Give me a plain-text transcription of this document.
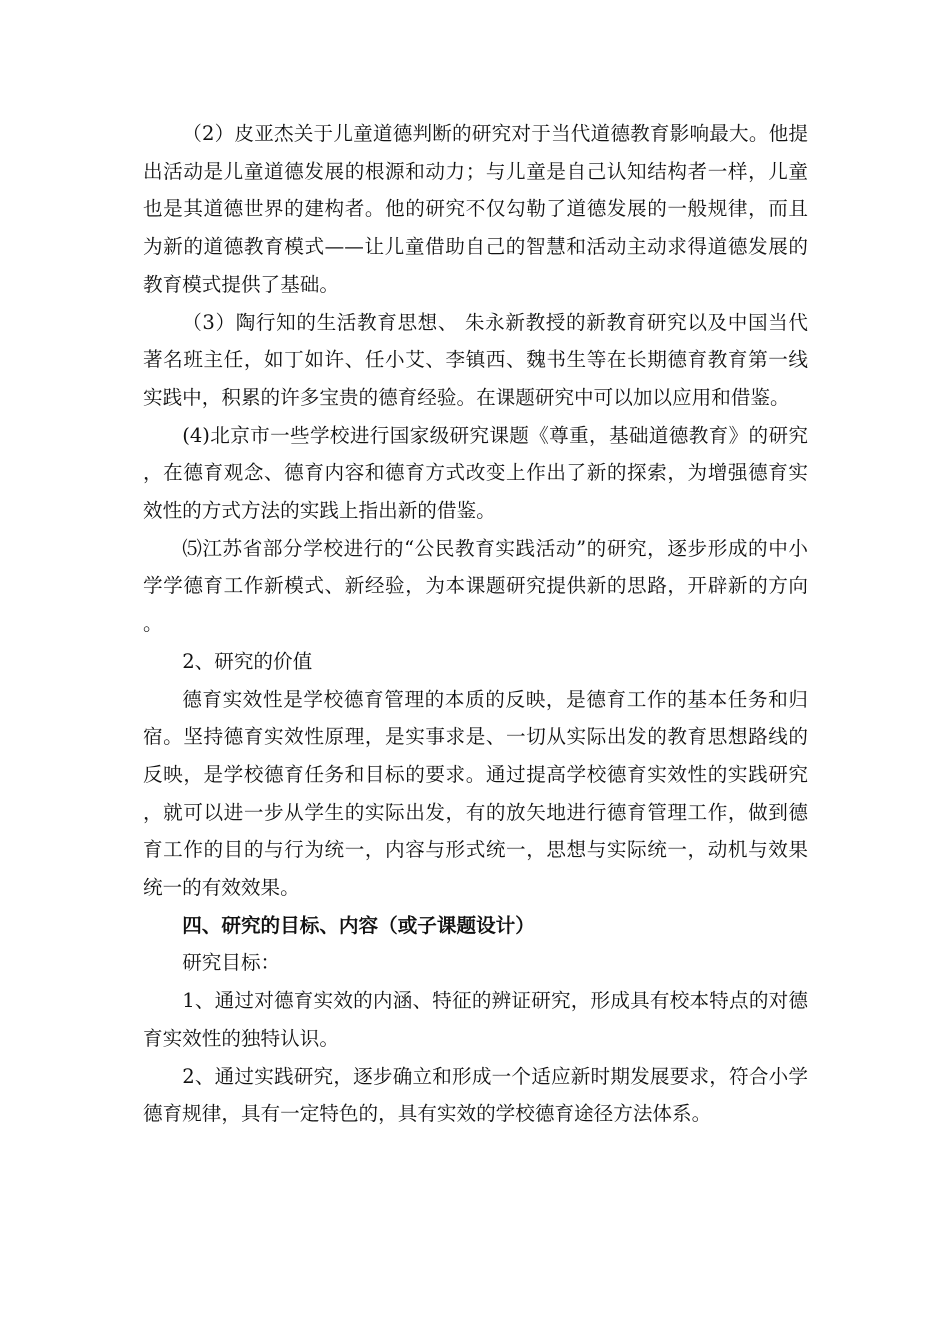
（2）皮亚杰关于儿童道德判断的研究对于当代道德教育影响最大。他提出活动是儿童道德发展的根源和动力；与儿童是自己认知结构者一样，儿童也是其道德世界的建构者。他的研究不仅勾勒了道德发展的一般规律，而且为新的道德教育模式——让儿童借助自己的智慧和活动主动求得道德发展的教育模式提供了基础。

（3）陶行知的生活教育思想、 朱永新教授的新教育研究以及中国当代著名班主任，如丁如许、任小艾、李镇西、魏书生等在长期德育教育第一线实践中，积累的许多宝贵的德育经验。在课题研究中可以加以应用和借鉴。

(4)北京市一些学校进行国家级研究课题《尊重，基础道德教育》的研究，在德育观念、德育内容和德育方式改变上作出了新的探索，为增强德育实效性的方式方法的实践上指出新的借鉴。

⑸江苏省部分学校进行的“公民教育实践活动”的研究，逐步形成的中小学学德育工作新模式、新经验，为本课题研究提供新的思路，开辟新的方向。

2、研究的价值

德育实效性是学校德育管理的本质的反映，是德育工作的基本任务和归宿。坚持德育实效性原理，是实事求是、一切从实际出发的教育思想路线的反映，是学校德育任务和目标的要求。通过提高学校德育实效性的实践研究，就可以进一步从学生的实际出发，有的放矢地进行德育管理工作，做到德育工作的目的与行为统一，内容与形式统一，思想与实际统一，动机与效果统一的有效效果。

四、研究的目标、内容（或子课题设计）

研究目标：

1、通过对德育实效的内涵、特征的辨证研究，形成具有校本特点的对德育实效性的独特认识。

2、通过实践研究，逐步确立和形成一个适应新时期发展要求，符合小学德育规律，具有一定特色的，具有实效的学校德育途径方法体系。
